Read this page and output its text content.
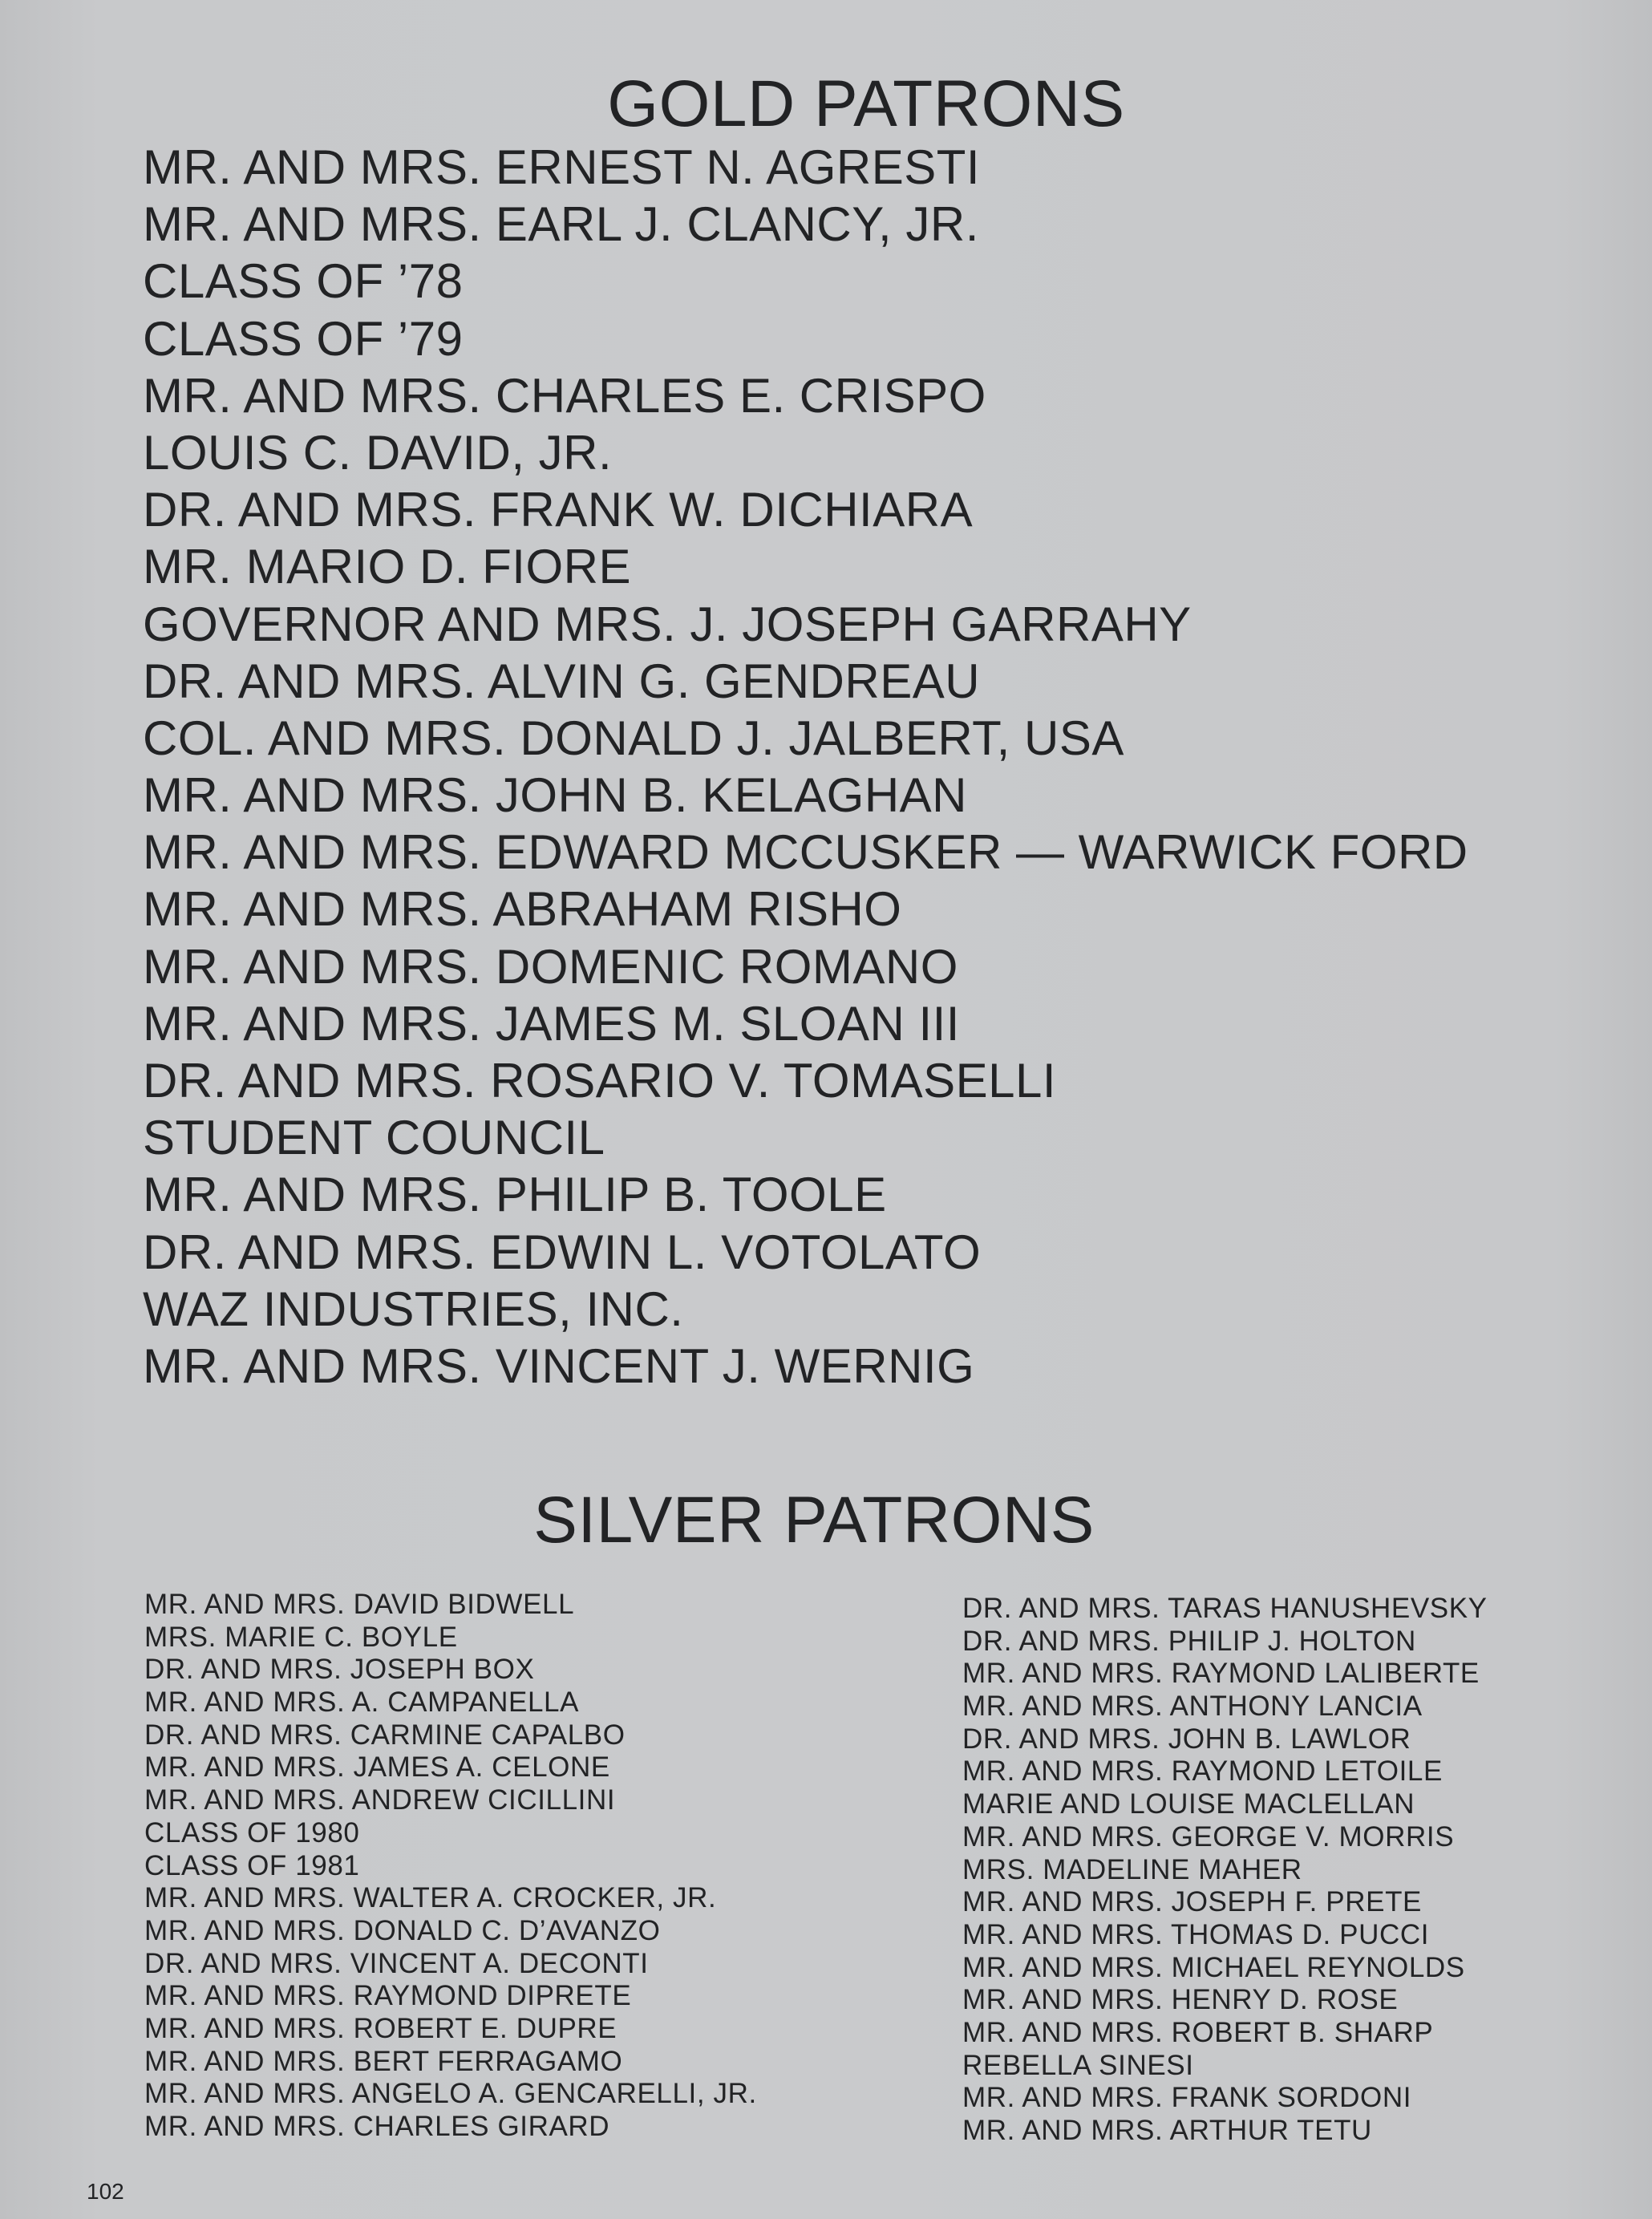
GOLD PATRONS
MR. AND MRS. ERNEST N. AGRESTI
MR. AND MRS. EARL J. CLANCY, JR.
CLASS OF ’78
CLASS OF ’79
MR. AND MRS. CHARLES E. CRISPO
LOUIS C. DAVID, JR.
DR. AND MRS. FRANK W. DICHIARA
MR. MARIO D. FIORE
GOVERNOR AND MRS. J. JOSEPH GARRAHY
DR. AND MRS. ALVIN G. GENDREAU
COL. AND MRS. DONALD J. JALBERT, USA
MR. AND MRS. JOHN B. KELAGHAN
MR. AND MRS. EDWARD MCCUSKER — WARWICK FORD
MR. AND MRS. ABRAHAM RISHO
MR. AND MRS. DOMENIC ROMANO
MR. AND MRS. JAMES M. SLOAN III
DR. AND MRS. ROSARIO V. TOMASELLI
STUDENT COUNCIL
MR. AND MRS. PHILIP B. TOOLE
DR. AND MRS. EDWIN L. VOTOLATO
WAZ INDUSTRIES, INC.
MR. AND MRS. VINCENT J. WERNIG
SILVER PATRONS
MR. AND MRS. DAVID BIDWELL
MRS. MARIE C. BOYLE
DR. AND MRS. JOSEPH BOX
MR. AND MRS. A. CAMPANELLA
DR. AND MRS. CARMINE CAPALBO
MR. AND MRS. JAMES A. CELONE
MR. AND MRS. ANDREW CICILLINI
CLASS OF 1980
CLASS OF 1981
MR. AND MRS. WALTER A. CROCKER, JR.
MR. AND MRS. DONALD C. D’AVANZO
DR. AND MRS. VINCENT A. DECONTI
MR. AND MRS. RAYMOND DIPRETE
MR. AND MRS. ROBERT E. DUPRE
MR. AND MRS. BERT FERRAGAMO
MR. AND MRS. ANGELO A. GENCARELLI, JR.
MR. AND MRS. CHARLES GIRARD
DR. AND MRS. TARAS HANUSHEVSKY
DR. AND MRS. PHILIP J. HOLTON
MR. AND MRS. RAYMOND LALIBERTE
MR. AND MRS. ANTHONY LANCIA
DR. AND MRS. JOHN B. LAWLOR
MR. AND MRS. RAYMOND LETOILE
MARIE AND LOUISE MACLELLAN
MR. AND MRS. GEORGE V. MORRIS
MRS. MADELINE MAHER
MR. AND MRS. JOSEPH F. PRETE
MR. AND MRS. THOMAS D. PUCCI
MR. AND MRS. MICHAEL REYNOLDS
MR. AND MRS. HENRY D. ROSE
MR. AND MRS. ROBERT B. SHARP
REBELLA SINESI
MR. AND MRS. FRANK SORDONI
MR. AND MRS. ARTHUR TETU
102
